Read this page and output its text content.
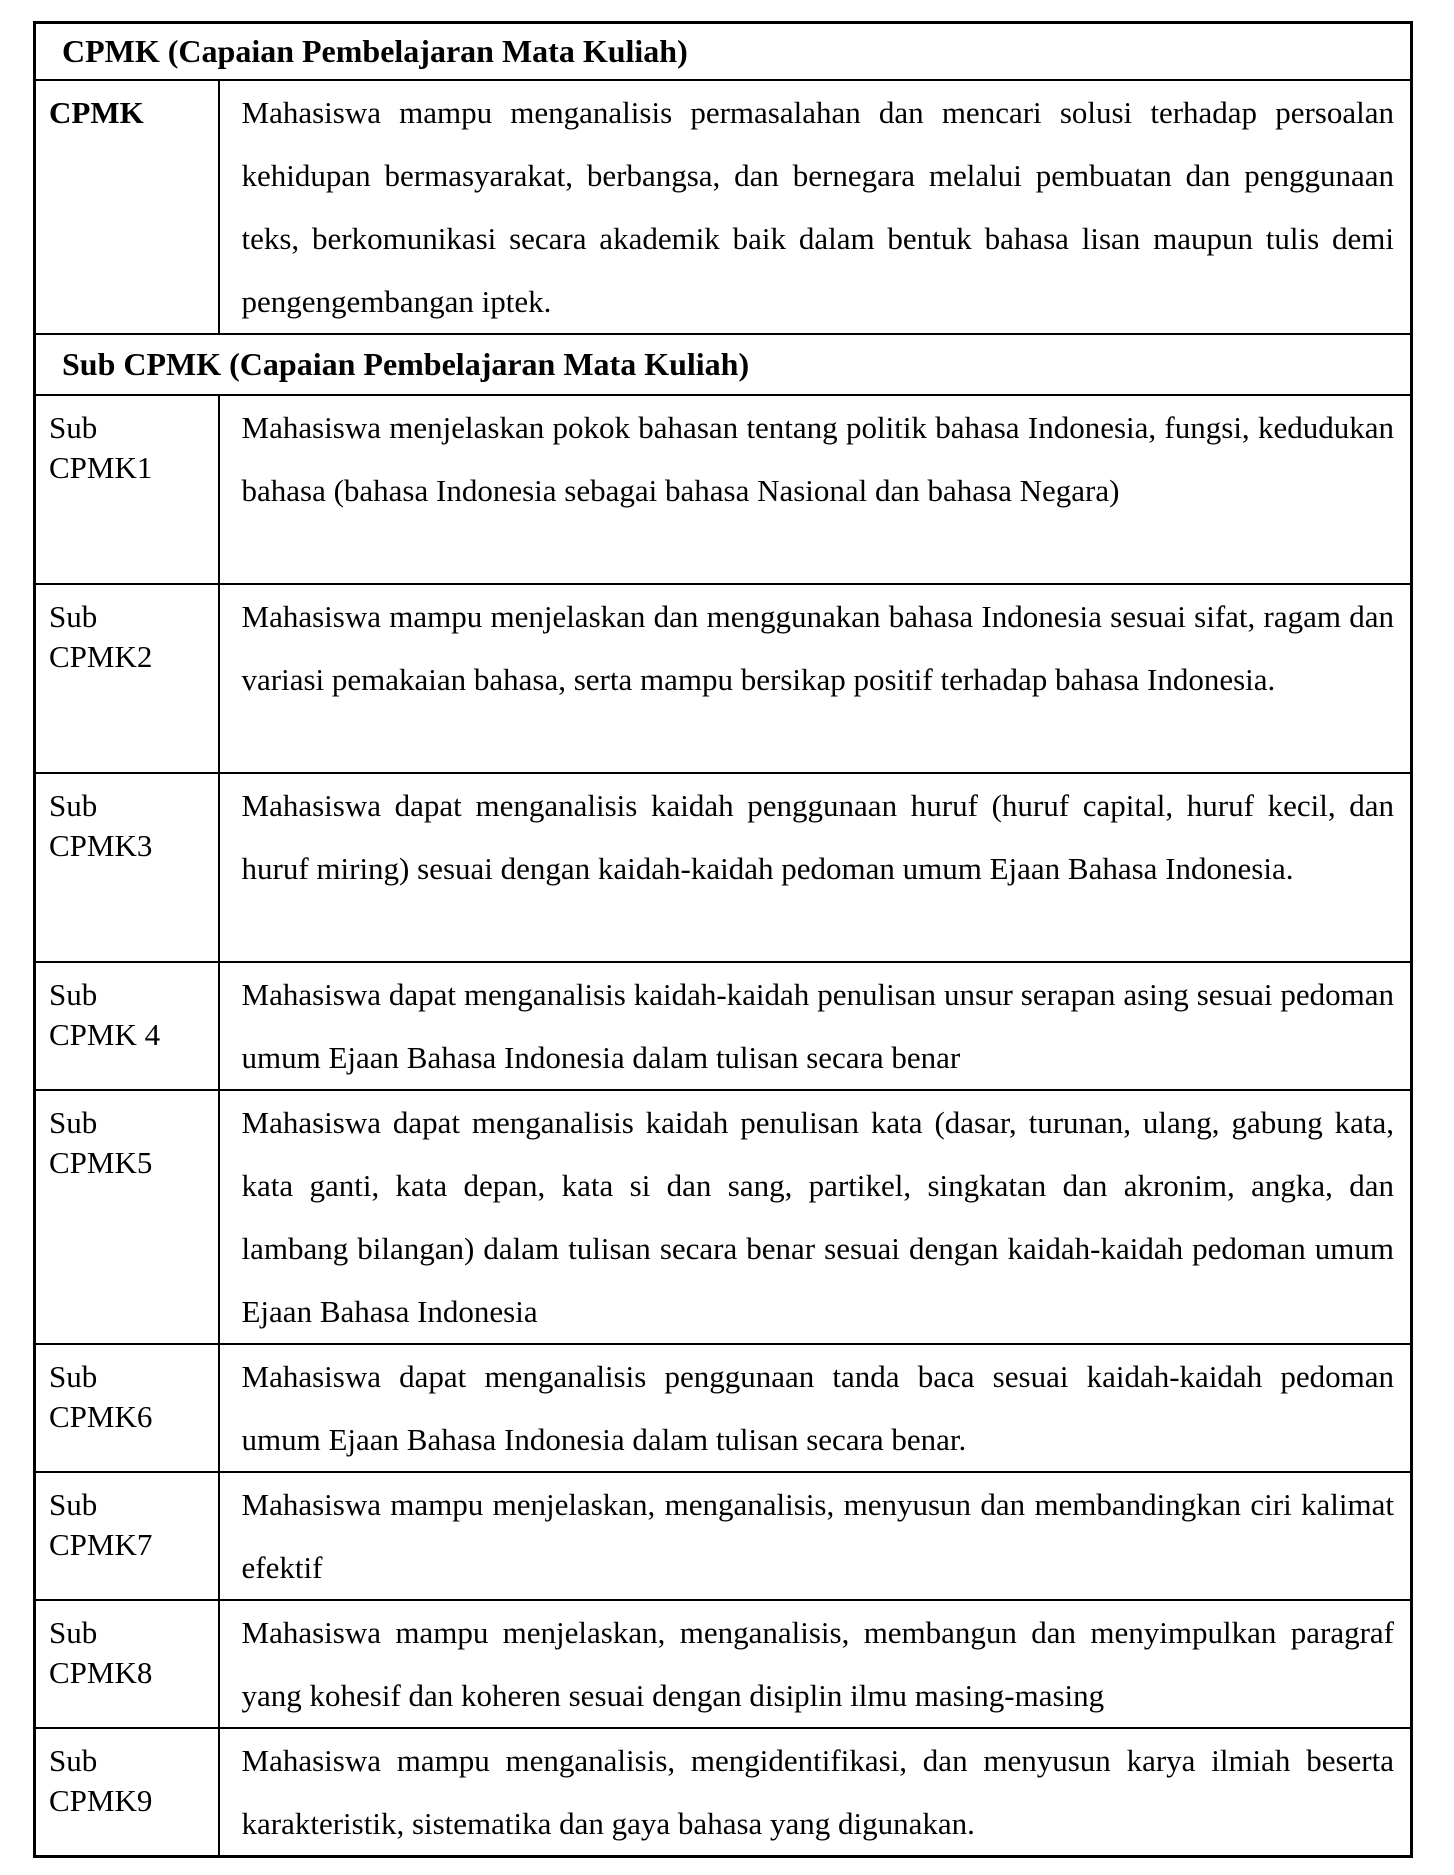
CPMK (Capaian Pembelajaran Mata Kuliah)	
CPMK	Mahasiswa mampu menganalisis permasalahan dan mencari solusi terhadap persoalan kehidupan bermasyarakat, berbangsa, dan bernegara melalui pembuatan dan penggunaan teks, berkomunikasi secara akademik baik dalam bentuk bahasa lisan maupun tulis demi pengengembangan iptek.
Sub CPMK (Capaian Pembelajaran Mata Kuliah)	

Sub
CPMK1	Mahasiswa menjelaskan pokok bahasan tentang politik bahasa Indonesia, fungsi, kedudukan bahasa (bahasa Indonesia sebagai bahasa Nasional dan bahasa Negara)

Sub
CPMK2	Mahasiswa mampu menjelaskan dan menggunakan bahasa Indonesia sesuai sifat, ragam dan variasi pemakaian bahasa, serta mampu bersikap positif terhadap bahasa Indonesia.

Sub
CPMK3	Mahasiswa dapat menganalisis kaidah penggunaan huruf (huruf capital, huruf kecil, dan huruf miring) sesuai dengan kaidah-kaidah pedoman umum Ejaan Bahasa Indonesia.

Sub
CPMK 4	Mahasiswa dapat menganalisis kaidah-kaidah penulisan unsur serapan asing sesuai pedoman umum Ejaan Bahasa Indonesia dalam tulisan secara benar

Sub
CPMK5	Mahasiswa dapat menganalisis kaidah penulisan kata (dasar, turunan, ulang, gabung kata, kata ganti, kata depan, kata si dan sang, partikel, singkatan dan akronim, angka, dan lambang bilangan) dalam tulisan secara benar sesuai dengan kaidah-kaidah pedoman umum Ejaan Bahasa Indonesia

Sub
CPMK6	Mahasiswa dapat menganalisis penggunaan tanda baca sesuai kaidah-kaidah pedoman umum Ejaan Bahasa Indonesia dalam tulisan secara benar.

Sub
CPMK7	Mahasiswa mampu menjelaskan, menganalisis, menyusun dan membandingkan ciri kalimat efektif

Sub
CPMK8	Mahasiswa mampu menjelaskan, menganalisis, membangun dan menyimpulkan paragraf yang kohesif dan koheren sesuai dengan disiplin ilmu masing-masing

Sub
CPMK9	Mahasiswa mampu menganalisis, mengidentifikasi, dan menyusun karya ilmiah beserta karakteristik, sistematika dan gaya bahasa yang digunakan.
